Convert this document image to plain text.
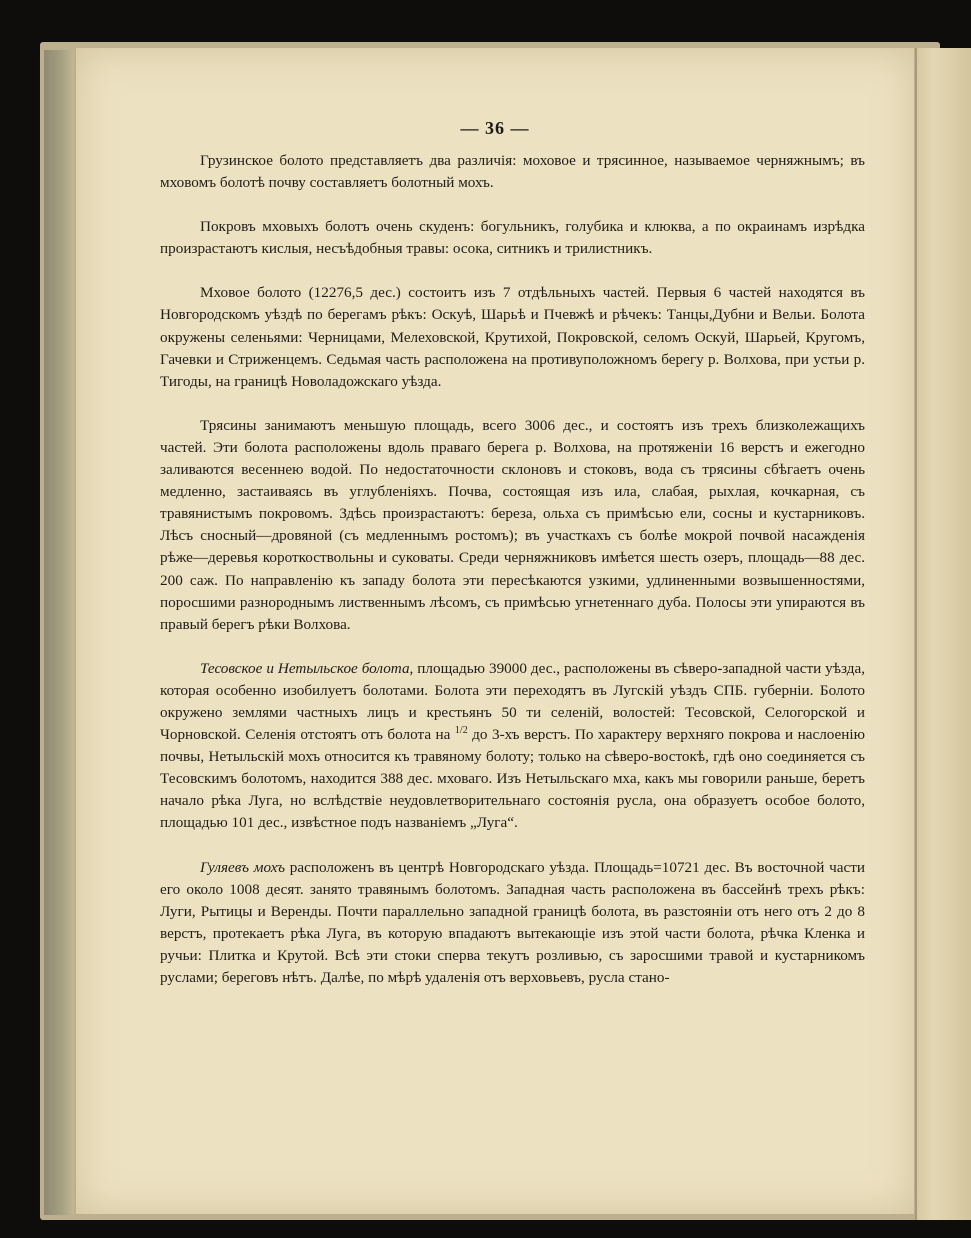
— 36 —

Грузинское болото представляетъ два различія: моховое и трясинное, называемое черняжнымъ; въ мховомъ болотѣ почву составляетъ болотный мохъ.

Покровъ мховыхъ болотъ очень скуденъ: богульникъ, голубика и клюква, а по окраинамъ изрѣдка произрастаютъ кислыя, несъѣдобныя травы: осока, ситникъ и трилистникъ.

Мховое болото (12276,5 дес.) состоитъ изъ 7 отдѣльныхъ частей. Первыя 6 частей находятся въ Новгородскомъ уѣздѣ по берегамъ рѣкъ: Оскуѣ, Шарьѣ и Пчевжѣ и рѣчекъ: Танцы,Дубни и Вельи. Болота окружены селеньями: Черницами, Мелеховской, Крутихой, Покровской, селомъ Оскуй, Шарьей, Кругомъ, Гачевки и Стриженцемъ. Седьмая часть расположена на противуположномъ берегу р. Волхова, при устьи р. Тигоды, на границѣ Новоладожскаго уѣзда.

Трясины занимаютъ меньшую площадь, всего 3006 дес., и состоятъ изъ трехъ близколежащихъ частей. Эти болота расположены вдоль праваго берега р. Волхова, на протяженіи 16 верстъ и ежегодно заливаются весеннею водой. По недостаточности склоновъ и стоковъ, вода съ трясины сбѣгаетъ очень медленно, застаиваясь въ углубленіяхъ. Почва, состоящая изъ ила, слабая, рыхлая, кочкарная, съ травянистымъ покровомъ. Здѣсь произрастаютъ: береза, ольха съ примѣсью ели, сосны и кустарниковъ. Лѣсъ сносный—дровяной (съ медленнымъ ростомъ); въ участкахъ съ болѣе мокрой почвой насажденія рѣже—деревья короткоствольны и суковаты. Среди черняжниковъ имѣется шесть озеръ, площадь—88 дес. 200 саж. По направленію къ западу болота эти пересѣкаются узкими, удлиненными возвышенностями, поросшими разнороднымъ лиственнымъ лѣсомъ, съ примѣсью угнетеннаго дуба. Полосы эти упираются въ правый берегъ рѣки Волхова.

Тесовское и Нетыльское болота, площадью 39000 дес., расположены въ сѣверо-западной части уѣзда, которая особенно изобилуетъ болотами. Болота эти переходятъ въ Лугскій уѣздъ СПБ. губерніи. Болото окружено землями частныхъ лицъ и крестьянъ 50 ти селеній, волостей: Тесовской, Селогорской и Чорновской. Селенія отстоятъ отъ болота на $^{1/2}$ до 3-хъ верстъ. По характеру верхняго покрова и наслоенію почвы, Нетыльскій мохъ относится къ травяному болоту; только на сѣверо-востокѣ, гдѣ оно соединяется съ Тесовскимъ болотомъ, находится 388 дес. мховаго. Изъ Нетыльскаго мха, какъ мы говорили раньше, беретъ начало рѣка Луга, но вслѣдствіе неудовлетворительнаго состоянія русла, она образуетъ особое болото, площадью 101 дес., извѣстное подъ названіемъ „Луга“.

Гуляевъ мохъ расположенъ въ центрѣ Новгородскаго уѣзда. Площадь=10721 дес. Въ восточной части его около 1008 десят. занято травянымъ болотомъ. Западная часть расположена въ бассейнѣ трехъ рѣкъ: Луги, Рытицы и Веренды. Почти параллельно западной границѣ болота, въ разстояніи отъ него отъ 2 до 8 верстъ, протекаетъ рѣка Луга, въ которую впадаютъ вытекающіе изъ этой части болота, рѣчка Кленка и ручьи: Плитка и Крутой. Всѣ эти стоки сперва текутъ розливью, съ заросшими травой и кустарникомъ руслами; береговъ нѣтъ. Далѣе, по мѣрѣ удаленія отъ верховьевъ, русла стано-
